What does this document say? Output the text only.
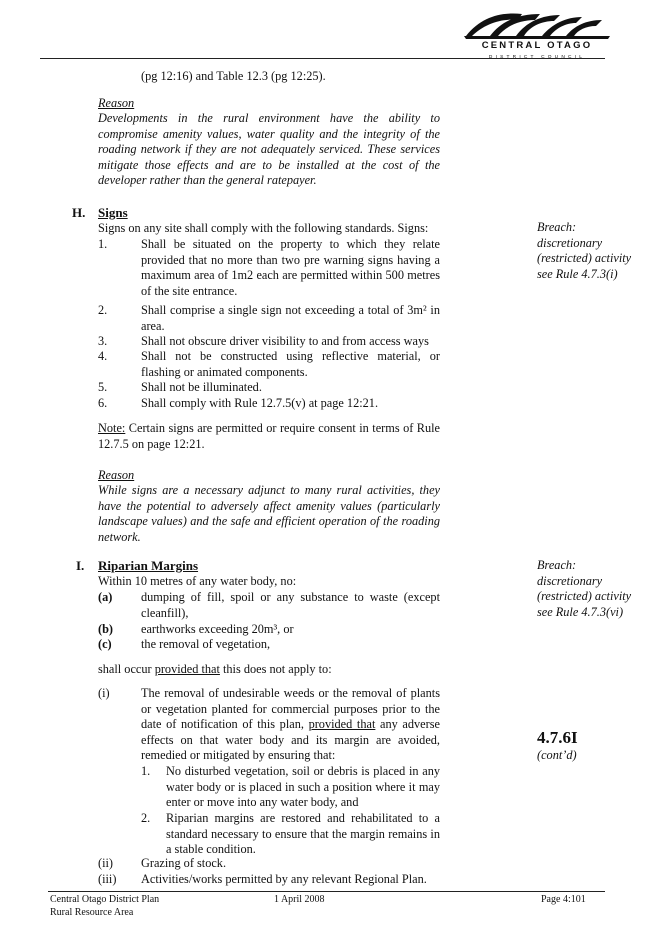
CENTRAL OTAGO
(pg 12:16) and Table 12.3 (pg 12:25).
Reason
Developments in the rural environment have the ability to compromise amenity values, water quality and the integrity of the roading network if they are not adequately serviced. These services mitigate those effects and are to be installed at the cost of the developer rather than the general ratepayer.
H. Signs
Signs on any site shall comply with the following standards. Signs:
1.	Shall be situated on the property to which they relate provided that no more than two pre warning signs having a maximum area of 1m2 each are permitted within 500 metres of the site entrance.
2.	Shall comprise a single sign not exceeding a total of 3m² in area.
3.	Shall not obscure driver visibility to and from access ways
4.	Shall not be constructed using reflective material, or flashing or animated components.
5.	Shall not be illuminated.
6.	Shall comply with Rule 12.7.5(v) at page 12:21.
Note: Certain signs are permitted or require consent in terms of Rule 12.7.5 on page 12:21.
Reason
While signs are a necessary adjunct to many rural activities, they have the potential to adversely affect amenity values (particularly landscape values) and the safe and efficient operation of the roading network.
Breach: discretionary (restricted) activity see Rule 4.7.3(i)
I. Riparian Margins
Within 10 metres of any water body, no:
(a) dumping of fill, spoil or any substance to waste (except cleanfill),
(b) earthworks exceeding 20m³, or
(c) the removal of vegetation,
shall occur provided that this does not apply to:
(i)	The removal of undesirable weeds or the removal of plants or vegetation planted for commercial purposes prior to the date of notification of this plan, provided that any adverse effects on that water body and its margin are avoided, remedied or mitigated by ensuring that:
1. No disturbed vegetation, soil or debris is placed in any water body or is placed in such a position where it may enter or move into any water body, and
2. Riparian margins are restored and rehabilitated to a standard necessary to ensure that the margin remains in a stable condition.
(ii) Grazing of stock.
(iii) Activities/works permitted by any relevant Regional Plan.
Breach: discretionary (restricted) activity see Rule 4.7.3(vi)
4.7.6I
(cont’d)
Central Otago District Plan
Rural Resource Area
1 April 2008	Page 4:101
